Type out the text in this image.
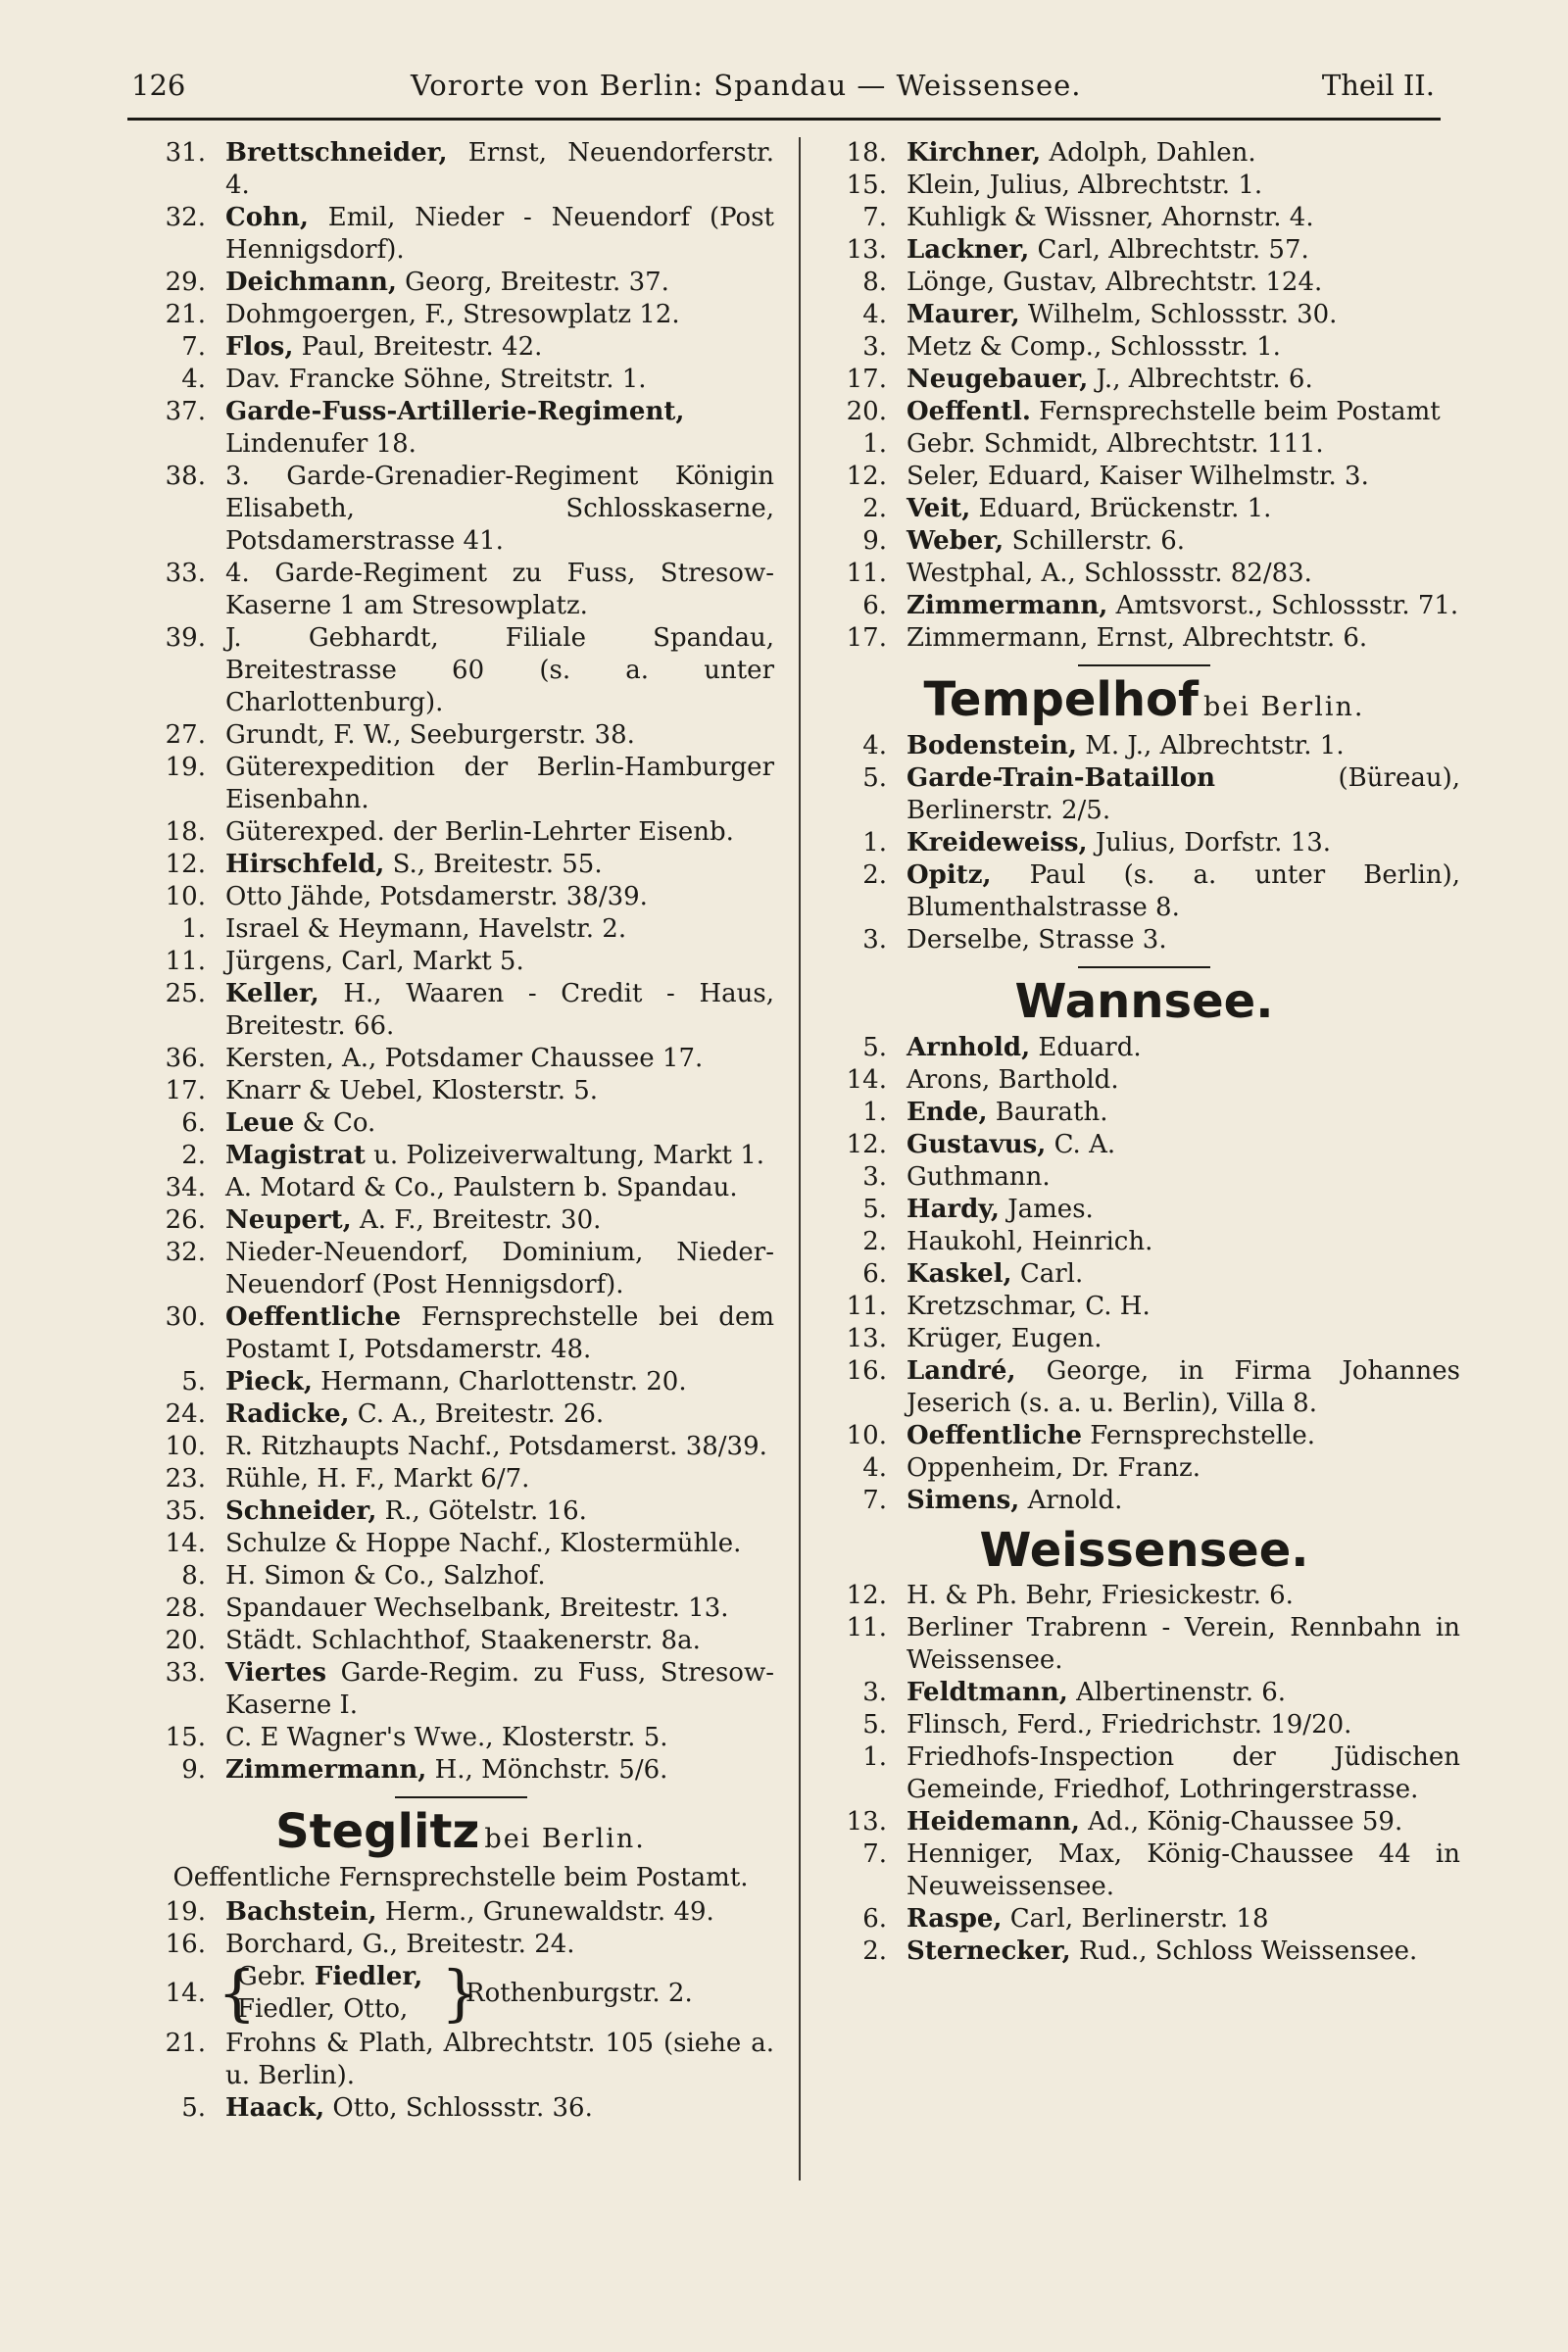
126	Vororte von Berlin: Spandau — Weissensee.	Theil II.
31. Brettschneider, Ernst, Neuendorferstr. 4.
32. Cohn, Emil, Nieder - Neuendorf (Post Hennigsdorf).
29. Deichmann, Georg, Breitestr. 37.
21. Dohmgoergen, F., Stresowplatz 12.
7. Flos, Paul, Breitestr. 42.
4. Dav. Francke Söhne, Streitstr. 1.
37. Garde-Fuss-Artillerie-Regiment, Lindenufer 18.
38. 3. Garde-Grenadier-Regiment Königin Elisabeth, Schlosskaserne, Potsdamerstrasse 41.
33. 4. Garde-Regiment zu Fuss, Stresow-Kaserne 1 am Stresowplatz.
39. J. Gebhardt, Filiale Spandau, Breitestrasse 60 (s. a. unter Charlottenburg).
27. Grundt, F. W., Seeburgerstr. 38.
19. Güterexpedition der Berlin-Hamburger Eisenbahn.
18. Güterexped. der Berlin-Lehrter Eisenb.
12. Hirschfeld, S., Breitestr. 55.
10. Otto Jähde, Potsdamerstr. 38/39.
1. Israel & Heymann, Havelstr. 2.
11. Jürgens, Carl, Markt 5.
25. Keller, H., Waaren - Credit - Haus, Breitestr. 66.
36. Kersten, A., Potsdamer Chaussee 17.
17. Knarr & Uebel, Klosterstr. 5.
6. Leue & Co.
2. Magistrat u. Polizeiverwaltung, Markt 1.
34. A. Motard & Co., Paulstern b. Spandau.
26. Neupert, A. F., Breitestr. 30.
32. Nieder-Neuendorf, Dominium, Nieder-Neuendorf (Post Hennigsdorf).
30. Oeffentliche Fernsprechstelle bei dem Postamt I, Potsdamerstr. 48.
5. Pieck, Hermann, Charlottenstr. 20.
24. Radicke, C. A., Breitestr. 26.
10. R. Ritzhaupts Nachf., Potsdamerst. 38/39.
23. Rühle, H. F., Markt 6/7.
35. Schneider, R., Götelstr. 16.
14. Schulze & Hoppe Nachf., Klostermühle.
8. H. Simon & Co., Salzhof.
28. Spandauer Wechselbank, Breitestr. 13.
20. Städt. Schlachthof, Staakenerstr. 8a.
33. Viertes Garde-Regim. zu Fuss, Stresow-Kaserne I.
15. C. E Wagner's Wwe., Klosterstr. 5.
9. Zimmermann, H., Mönchstr. 5/6.
Steglitz bei Berlin.
Oeffentliche Fernsprechstelle beim Postamt.
19. Bachstein, Herm., Grunewaldstr. 49.
16. Borchard, G., Breitestr. 24.
14. {
Gebr. Fiedler,
Fiedler, Otto, }
Rothenburgstr. 2.
21. Frohns & Plath, Albrechtstr. 105 (siehe a. u. Berlin).
5. Haack, Otto, Schlossstr. 36.
18. Kirchner, Adolph, Dahlen.
15. Klein, Julius, Albrechtstr. 1.
7. Kuhligk & Wissner, Ahornstr. 4.
13. Lackner, Carl, Albrechtstr. 57.
8. Lönge, Gustav, Albrechtstr. 124.
4. Maurer, Wilhelm, Schlossstr. 30.
3. Metz & Comp., Schlossstr. 1.
17. Neugebauer, J., Albrechtstr. 6.
20. Oeffentl. Fernsprechstelle beim Postamt
1. Gebr. Schmidt, Albrechtstr. 111.
12. Seler, Eduard, Kaiser Wilhelmstr. 3.
2. Veit, Eduard, Brückenstr. 1.
9. Weber, Schillerstr. 6.
11. Westphal, A., Schlossstr. 82/83.
6. Zimmermann, Amtsvorst., Schlossstr. 71.
17. Zimmermann, Ernst, Albrechtstr. 6.
Tempelhof bei Berlin.
4. Bodenstein, M. J., Albrechtstr. 1.
5. Garde-Train-Bataillon (Büreau), Berlinerstr. 2/5.
1. Kreideweiss, Julius, Dorfstr. 13.
2. Opitz, Paul (s. a. unter Berlin), Blumenthalstrasse 8.
3. Derselbe, Strasse 3.
Wannsee.
5. Arnhold, Eduard.
14. Arons, Barthold.
1. Ende, Baurath.
12. Gustavus, C. A.
3. Guthmann.
5. Hardy, James.
2. Haukohl, Heinrich.
6. Kaskel, Carl.
11. Kretzschmar, C. H.
13. Krüger, Eugen.
16. Landré, George, in Firma Johannes Jeserich (s. a. u. Berlin), Villa 8.
10. Oeffentliche Fernsprechstelle.
4. Oppenheim, Dr. Franz.
7. Simens, Arnold.
Weissensee.
12. H. & Ph. Behr, Friesickestr. 6.
11. Berliner Trabrenn - Verein, Rennbahn in Weissensee.
3. Feldtmann, Albertinenstr. 6.
5. Flinsch, Ferd., Friedrichstr. 19/20.
1. Friedhofs-Inspection der Jüdischen Gemeinde, Friedhof, Lothringerstrasse.
13. Heidemann, Ad., König-Chaussee 59.
7. Henniger, Max, König-Chaussee 44 in Neuweissensee.
6. Raspe, Carl, Berlinerstr. 18
2. Sternecker, Rud., Schloss Weissensee.
